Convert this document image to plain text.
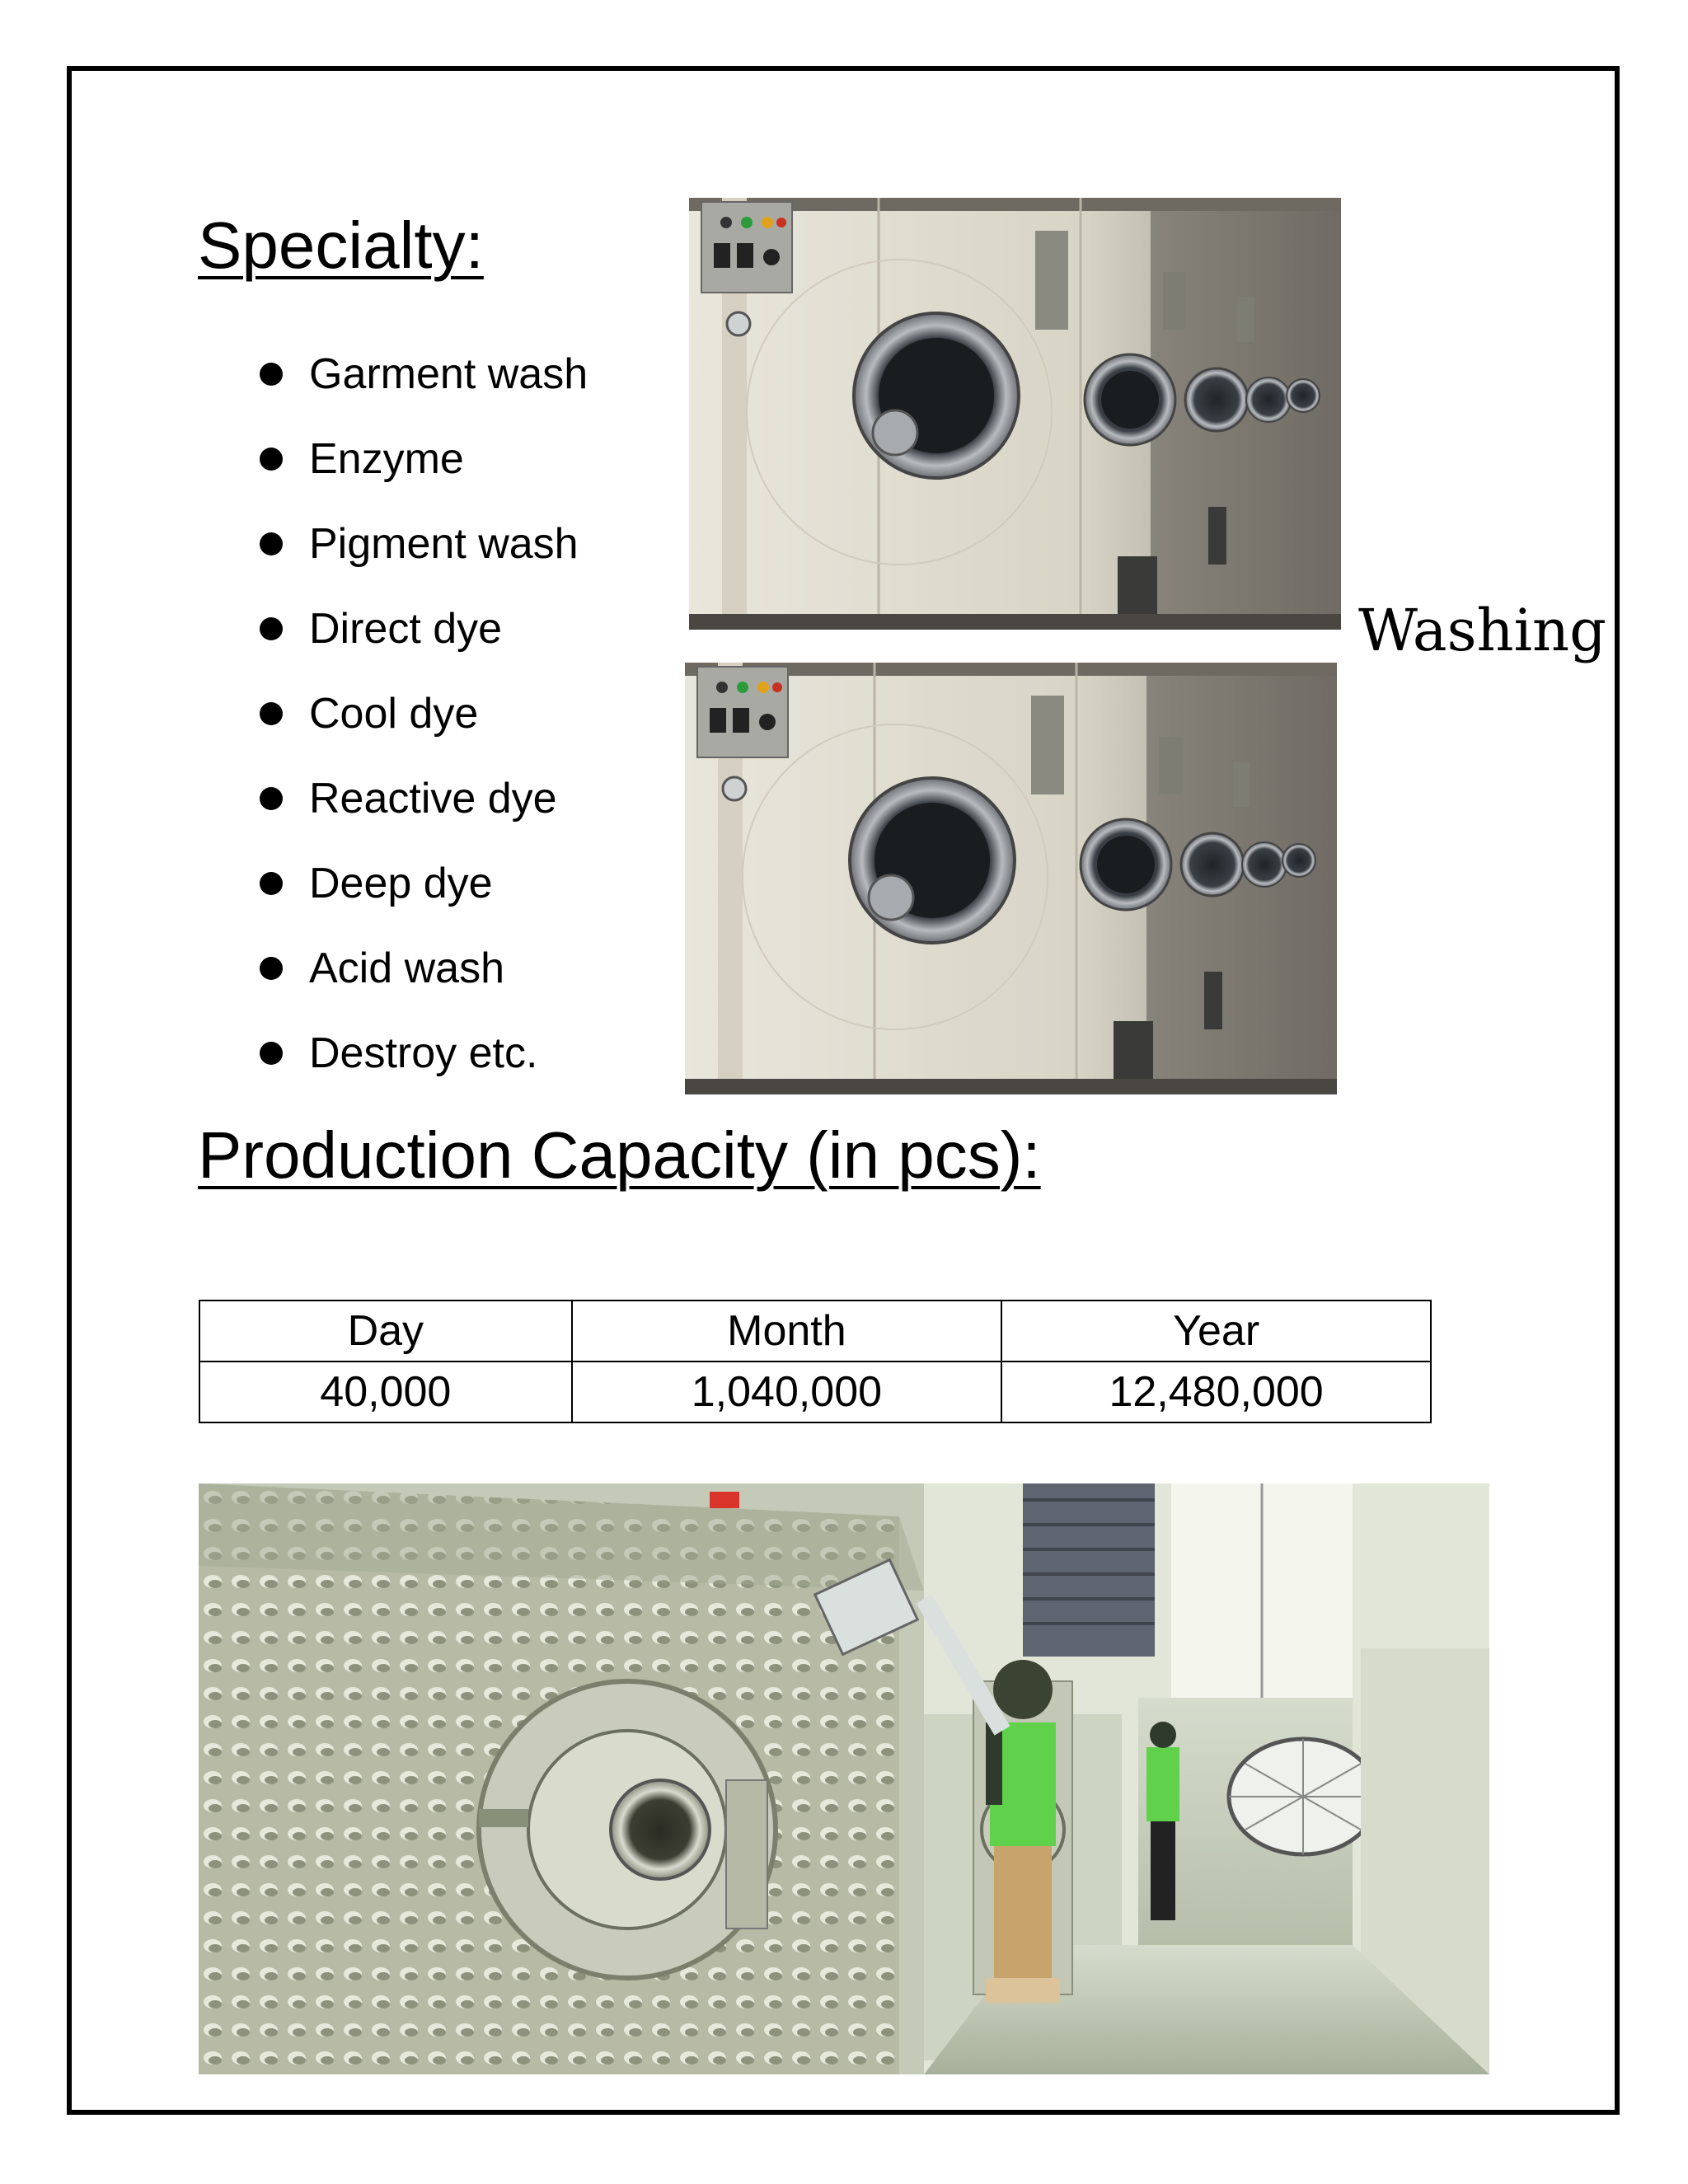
Specialty:
Garment wash
Enzyme
Pigment wash
Direct dye
Cool dye
Reactive dye
Deep dye
Acid wash
Destroy etc.
Washing
Production Capacity (in pcs):
Day	Month	Year
40,000	1,040,000	12,480,000
